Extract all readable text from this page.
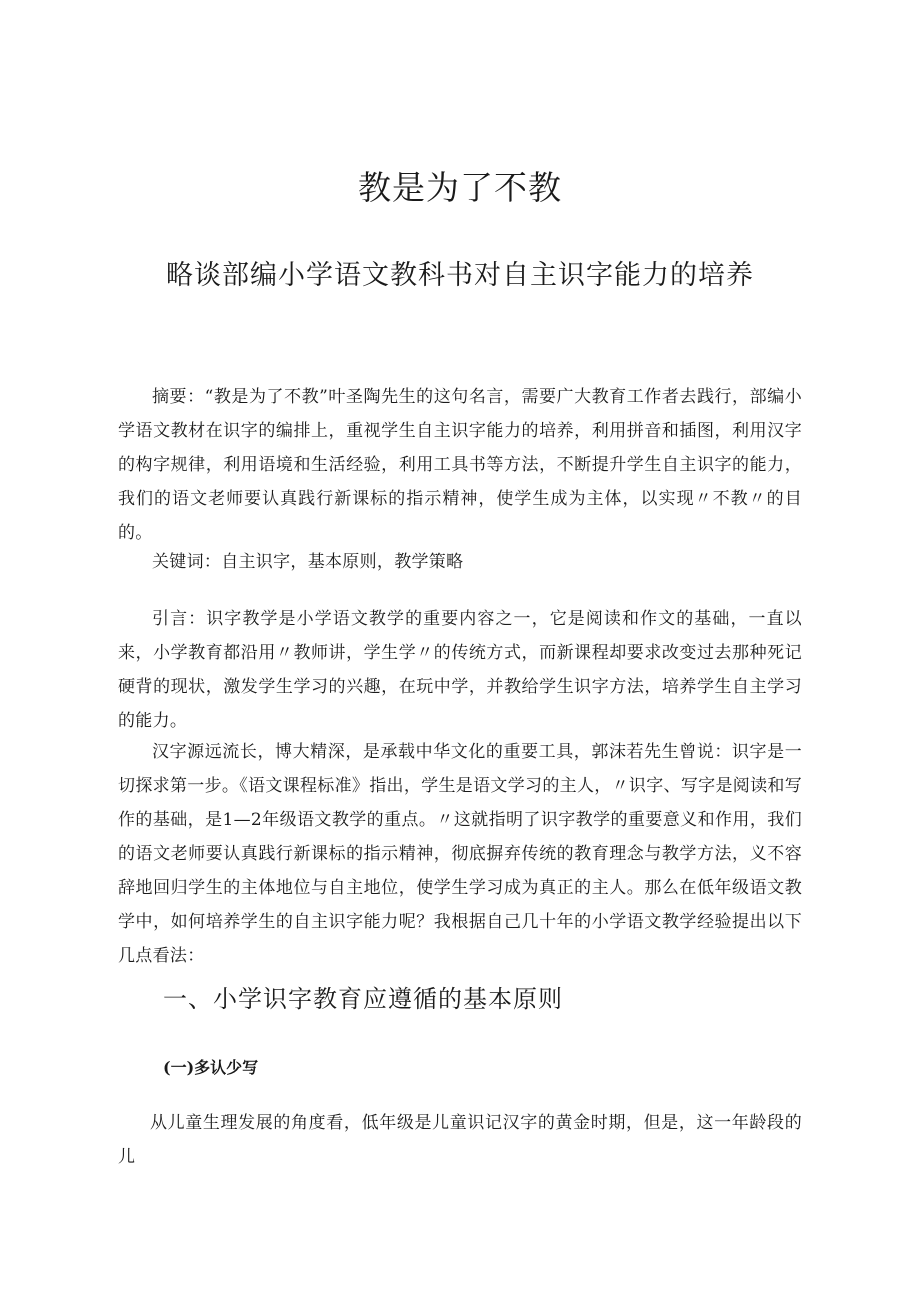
教是为了不教
略谈部编小学语文教科书对自主识字能力的培养

摘要：“教是为了不教”叶圣陶先生的这句名言，需要广大教育工作者去践行，部编小学语文教材在识字的编排上，重视学生自主识字能力的培养，利用拼音和插图，利用汉字的构字规律，利用语境和生活经验，利用工具书等方法，不断提升学生自主识字的能力，我们的语文老师要认真践行新课标的指示精神，使学生成为主体，以实现〃不教〃的目的。

关键词：自主识字，基本原则，教学策略

引言：识字教学是小学语文教学的重要内容之一，它是阅读和作文的基础，一直以来，小学教育都沿用〃教师讲，学生学〃的传统方式，而新课程却要求改变过去那种死记硬背的现状，激发学生学习的兴趣，在玩中学，并教给学生识字方法，培养学生自主学习的能力。

汉字源远流长，博大精深，是承载中华文化的重要工具，郭沫若先生曾说：识字是一切探求第一步。《语文课程标准》指出，学生是语文学习的主人，〃识字、写字是阅读和写作的基础，是1—2年级语文教学的重点。〃这就指明了识字教学的重要意义和作用，我们的语文老师要认真践行新课标的指示精神，彻底摒弃传统的教育理念与教学方法，义不容辞地回归学生的主体地位与自主地位，使学生学习成为真正的主人。那么在低年级语文教学中，如何培养学生的自主识字能力呢？我根据自己几十年的小学语文教学经验提出以下几点看法：

一、小学识字教育应遵循的基本原则
(一)多认少写

从儿童生理发展的角度看，低年级是儿童识记汉字的黄金时期，但是，这一年龄段的儿
